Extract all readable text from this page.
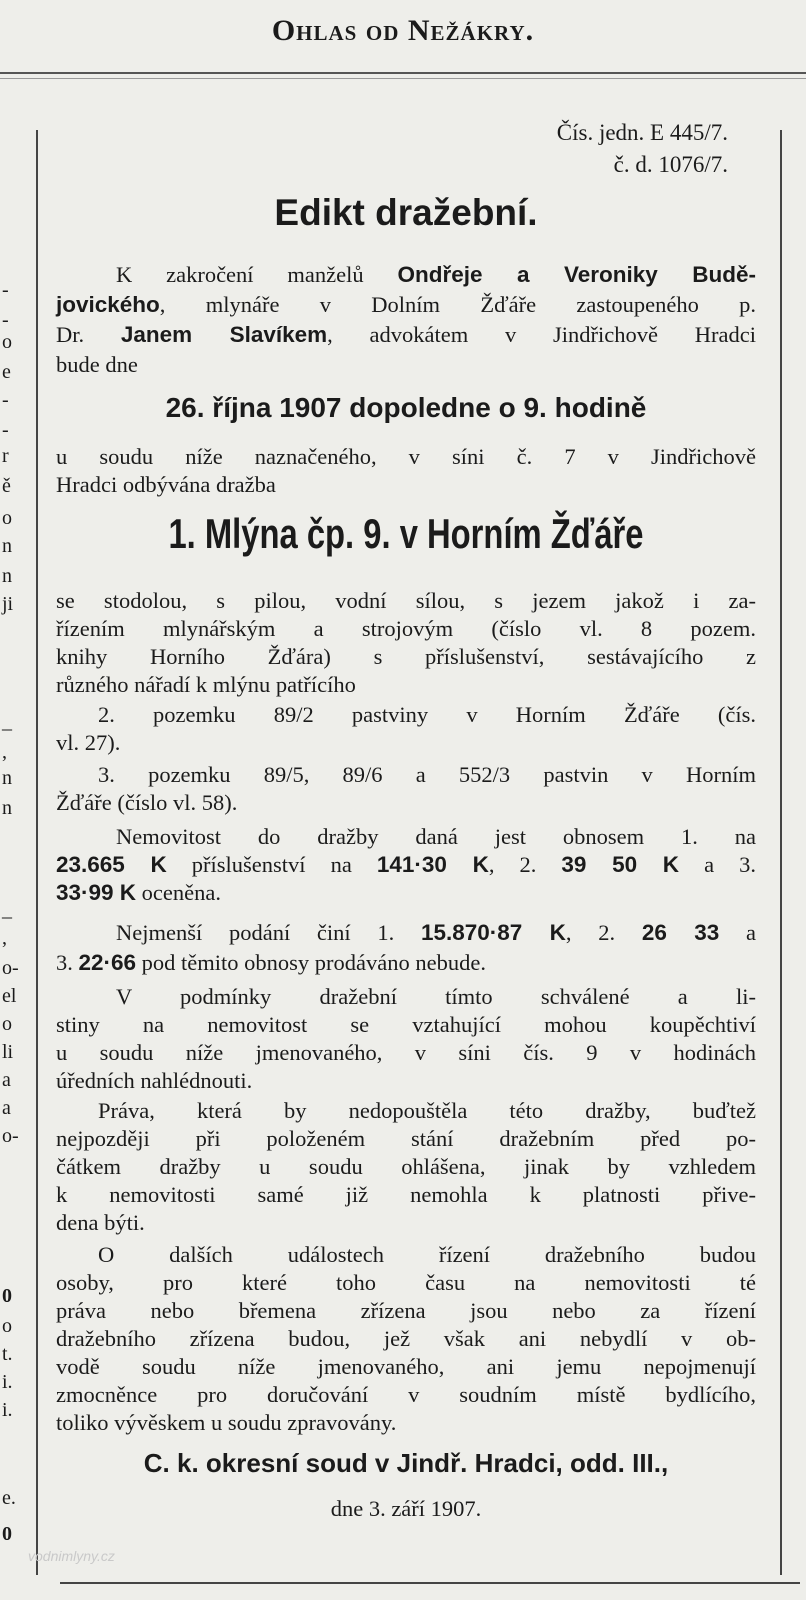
Ohlas od Nežákry.
-
-
o
e
-
-
r
ě
o
n
n
ji
_
,
n
n
_
,
o-
el
o
li
a
a
o-
0
o
t.
i.
i.
e.
0
Čís. jedn. E 445/7.
č. d. 1076/7.
Edikt dražební.
K zakročení manželů Ondřeje a Veroniky Budě-
jovického, mlynáře v Dolním Žďáře zastoupeného p.
Dr. Janem Slavíkem, advokátem v Jindřichově Hradci
bude dne
26. října 1907 dopoledne o 9. hodině
u soudu níže naznačeného, v síni č. 7 v Jindřichově
Hradci odbývána dražba
1. Mlýna čp. 9. v Horním Žďáře
se stodolou, s pilou, vodní sílou, s jezem jakož i za-
řízením mlynářským a strojovým (číslo vl. 8 pozem.
knihy Horního Žďára) s příslušenství, sestávajícího z
různého nářadí k mlýnu patřícího
2. pozemku 89/2 pastviny v Horním Žďáře (čís.
vl. 27).
3. pozemku 89/5, 89/6 a 552/3 pastvin v Horním
Žďáře (číslo vl. 58).
Nemovitost do dražby daná jest obnosem 1. na
23.665 K příslušenství na 141·30 K, 2. 39 50 K a 3.
33·99 K oceněna.
Nejmenší podání činí 1. 15.870·87 K, 2. 26 33 a
3. 22·66 pod těmito obnosy prodáváno nebude.
V podmínky dražební tímto schválené a li-
stiny na nemovitost se vztahující mohou koupěchtiví
u soudu níže jmenovaného, v síni čís. 9 v hodinách
úředních nahlédnouti.
Práva, která by nedopouštěla této dražby, buďtež
nejpozději při položeném stání dražebním před po-
čátkem dražby u soudu ohlášena, jinak by vzhledem
k nemovitosti samé již nemohla k platnosti přive-
dena býti.
O dalších událostech řízení dražebního budou
osoby, pro které toho času na nemovitosti té
práva nebo břemena zřízena jsou nebo za řízení
dražebního zřízena budou, jež však ani nebydlí v ob-
vodě soudu níže jmenovaného, ani jemu nepojmenují
zmocněnce pro doručování v soudním místě bydlícího,
toliko vývěskem u soudu zpravovány.
C. k. okresní soud v Jindř. Hradci, odd. III.,
dne 3. září 1907.
vodnimlyny.cz
